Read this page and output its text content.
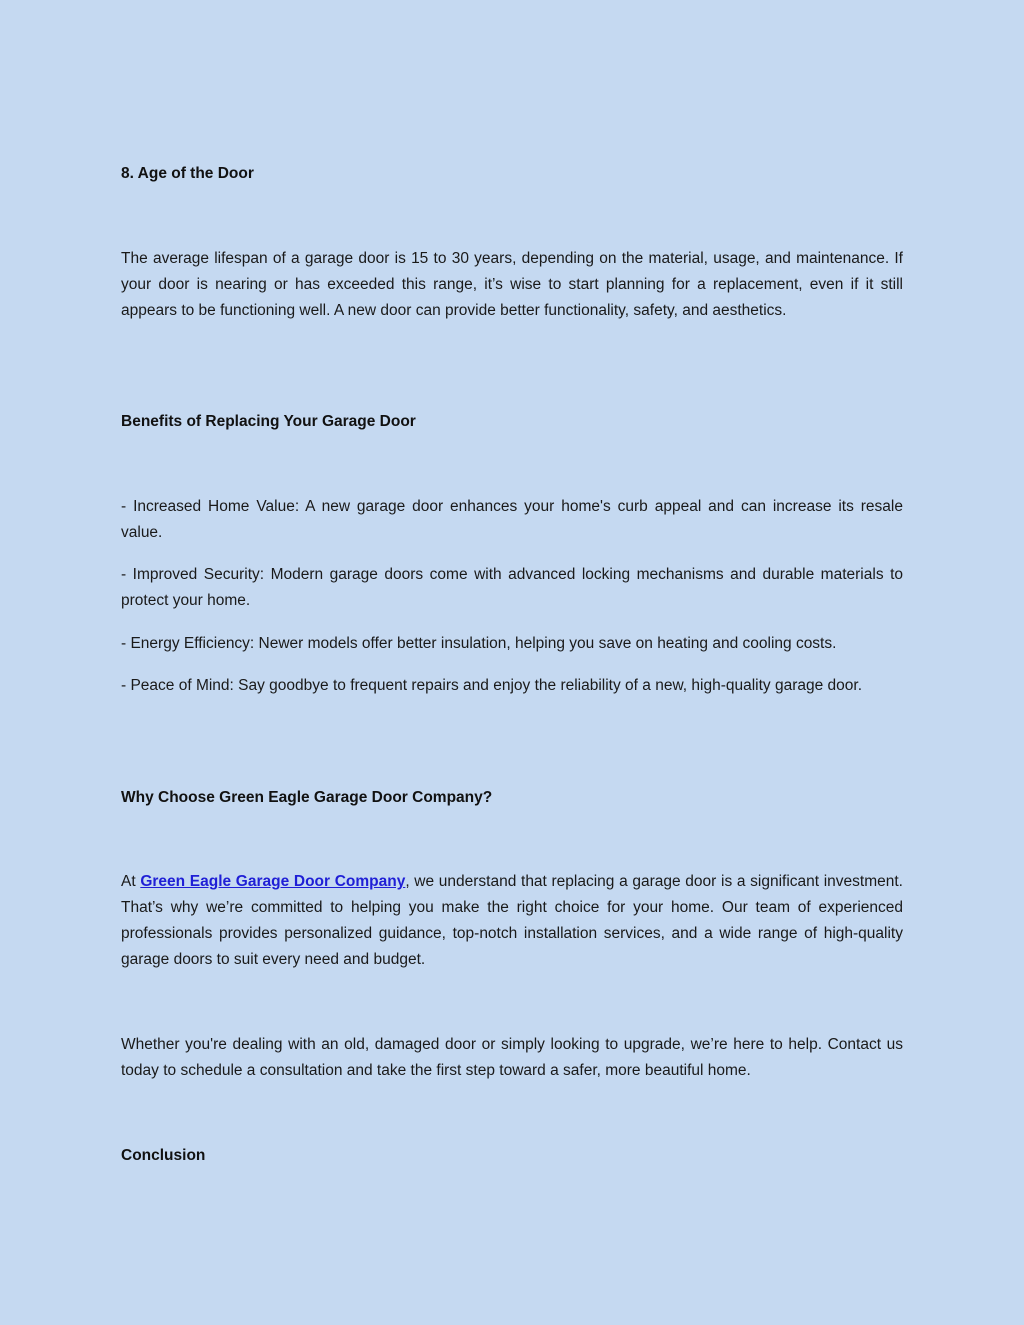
8. Age of the Door

The average lifespan of a garage door is 15 to 30 years, depending on the material, usage, and maintenance. If your door is nearing or has exceeded this range, it’s wise to start planning for a replacement, even if it still appears to be functioning well. A new door can provide better functionality, safety, and aesthetics.

Benefits of Replacing Your Garage Door

- Increased Home Value: A new garage door enhances your home's curb appeal and can increase its resale value.

- Improved Security: Modern garage doors come with advanced locking mechanisms and durable materials to protect your home.

- Energy Efficiency: Newer models offer better insulation, helping you save on heating and cooling costs.

- Peace of Mind: Say goodbye to frequent repairs and enjoy the reliability of a new, high-quality garage door.

Why Choose Green Eagle Garage Door Company?

At Green Eagle Garage Door Company, we understand that replacing a garage door is a significant investment. That’s why we’re committed to helping you make the right choice for your home. Our team of experienced professionals provides personalized guidance, top-notch installation services, and a wide range of high-quality garage doors to suit every need and budget.

Whether you're dealing with an old, damaged door or simply looking to upgrade, we’re here to help. Contact us today to schedule a consultation and take the first step toward a safer, more beautiful home.

Conclusion
